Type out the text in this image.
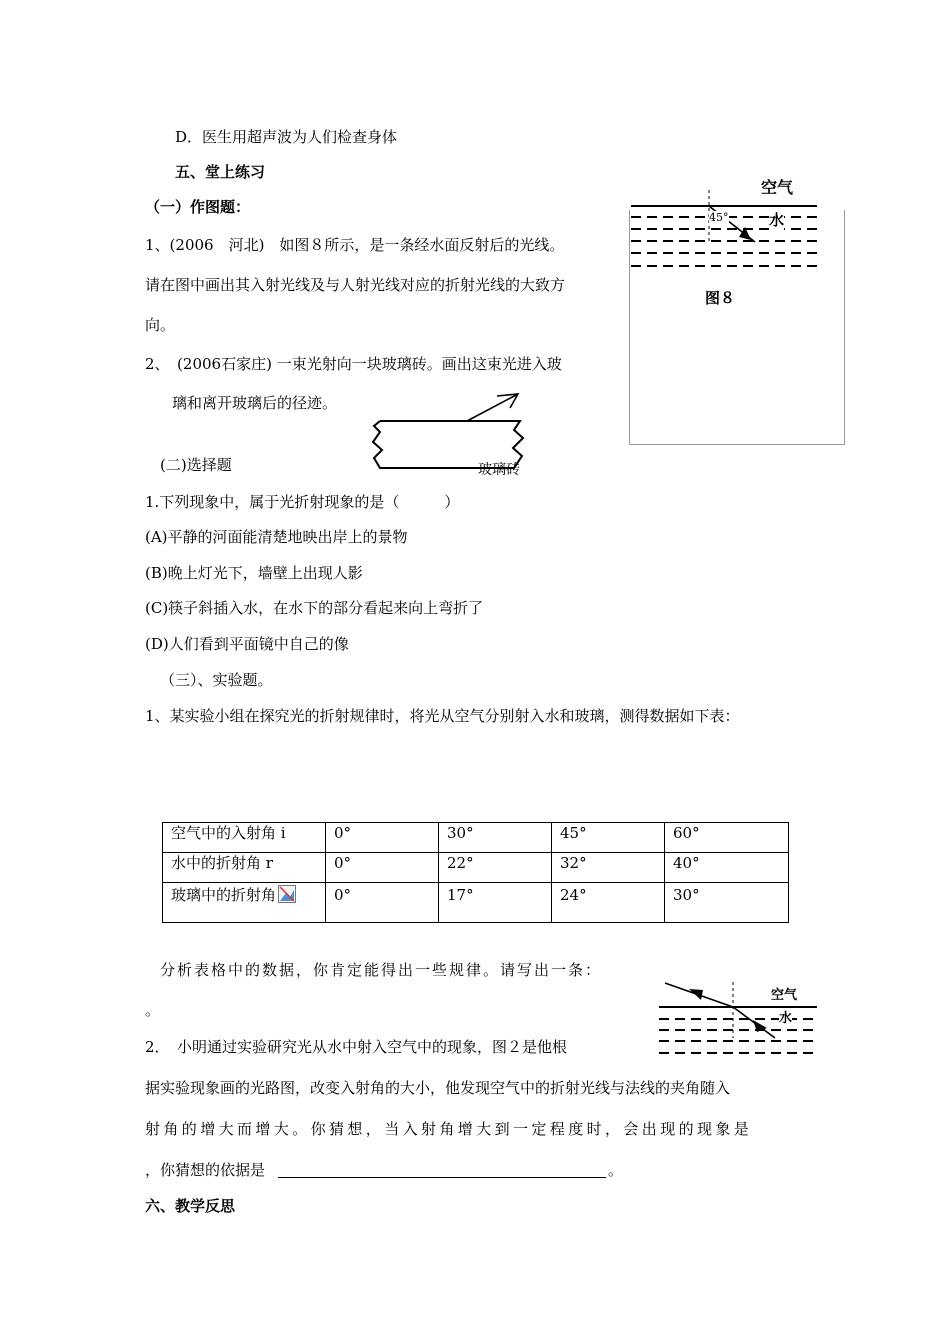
D．医生用超声波为人们检查身体
五、堂上练习
（一）作图题：
1、(2006　河北)　如图８所示，是一条经水面反射后的光线。
请在图中画出其入射光线及与人射光线对应的折射光线的大致方
向。
2、　(2006石家庄) 一束光射向一块玻璃砖。画出这束光进入玻
璃和离开玻璃后的径迹。
(二)选择题
空气
水
45°
图８
玻璃砖
1.下列现象中，属于光折射现象的是（　　　）
(A)平静的河面能清楚地映出岸上的景物
(B)晚上灯光下，墙壁上出现人影
(C)筷子斜插入水，在水下的部分看起来向上弯折了
(D)人们看到平面镜中自己的像
（三）、实验题。
1、某实验小组在探究光的折射规律时，将光从空气分别射入水和玻璃，测得数据如下表：
空气中的入射角 i	0°	30°	45°	60°
水中的折射角 r	0°	22°	32°	40°
玻璃中的折射角	0°	17°	24°	30°
分析表格中的数据，你肯定能得出一些规律。请写出一条：
。
空气
水
2．　小明通过实验研究光从水中射入空气中的现象，图２是他根
据实验现象画的光路图，改变入射角的大小，他发现空气中的折射光线与法线的夹角随入
射角的增大而增大。你猜想，当入射角增大到一定程度时，会出现的现象是
，你猜想的依据是	。
六、教学反思
